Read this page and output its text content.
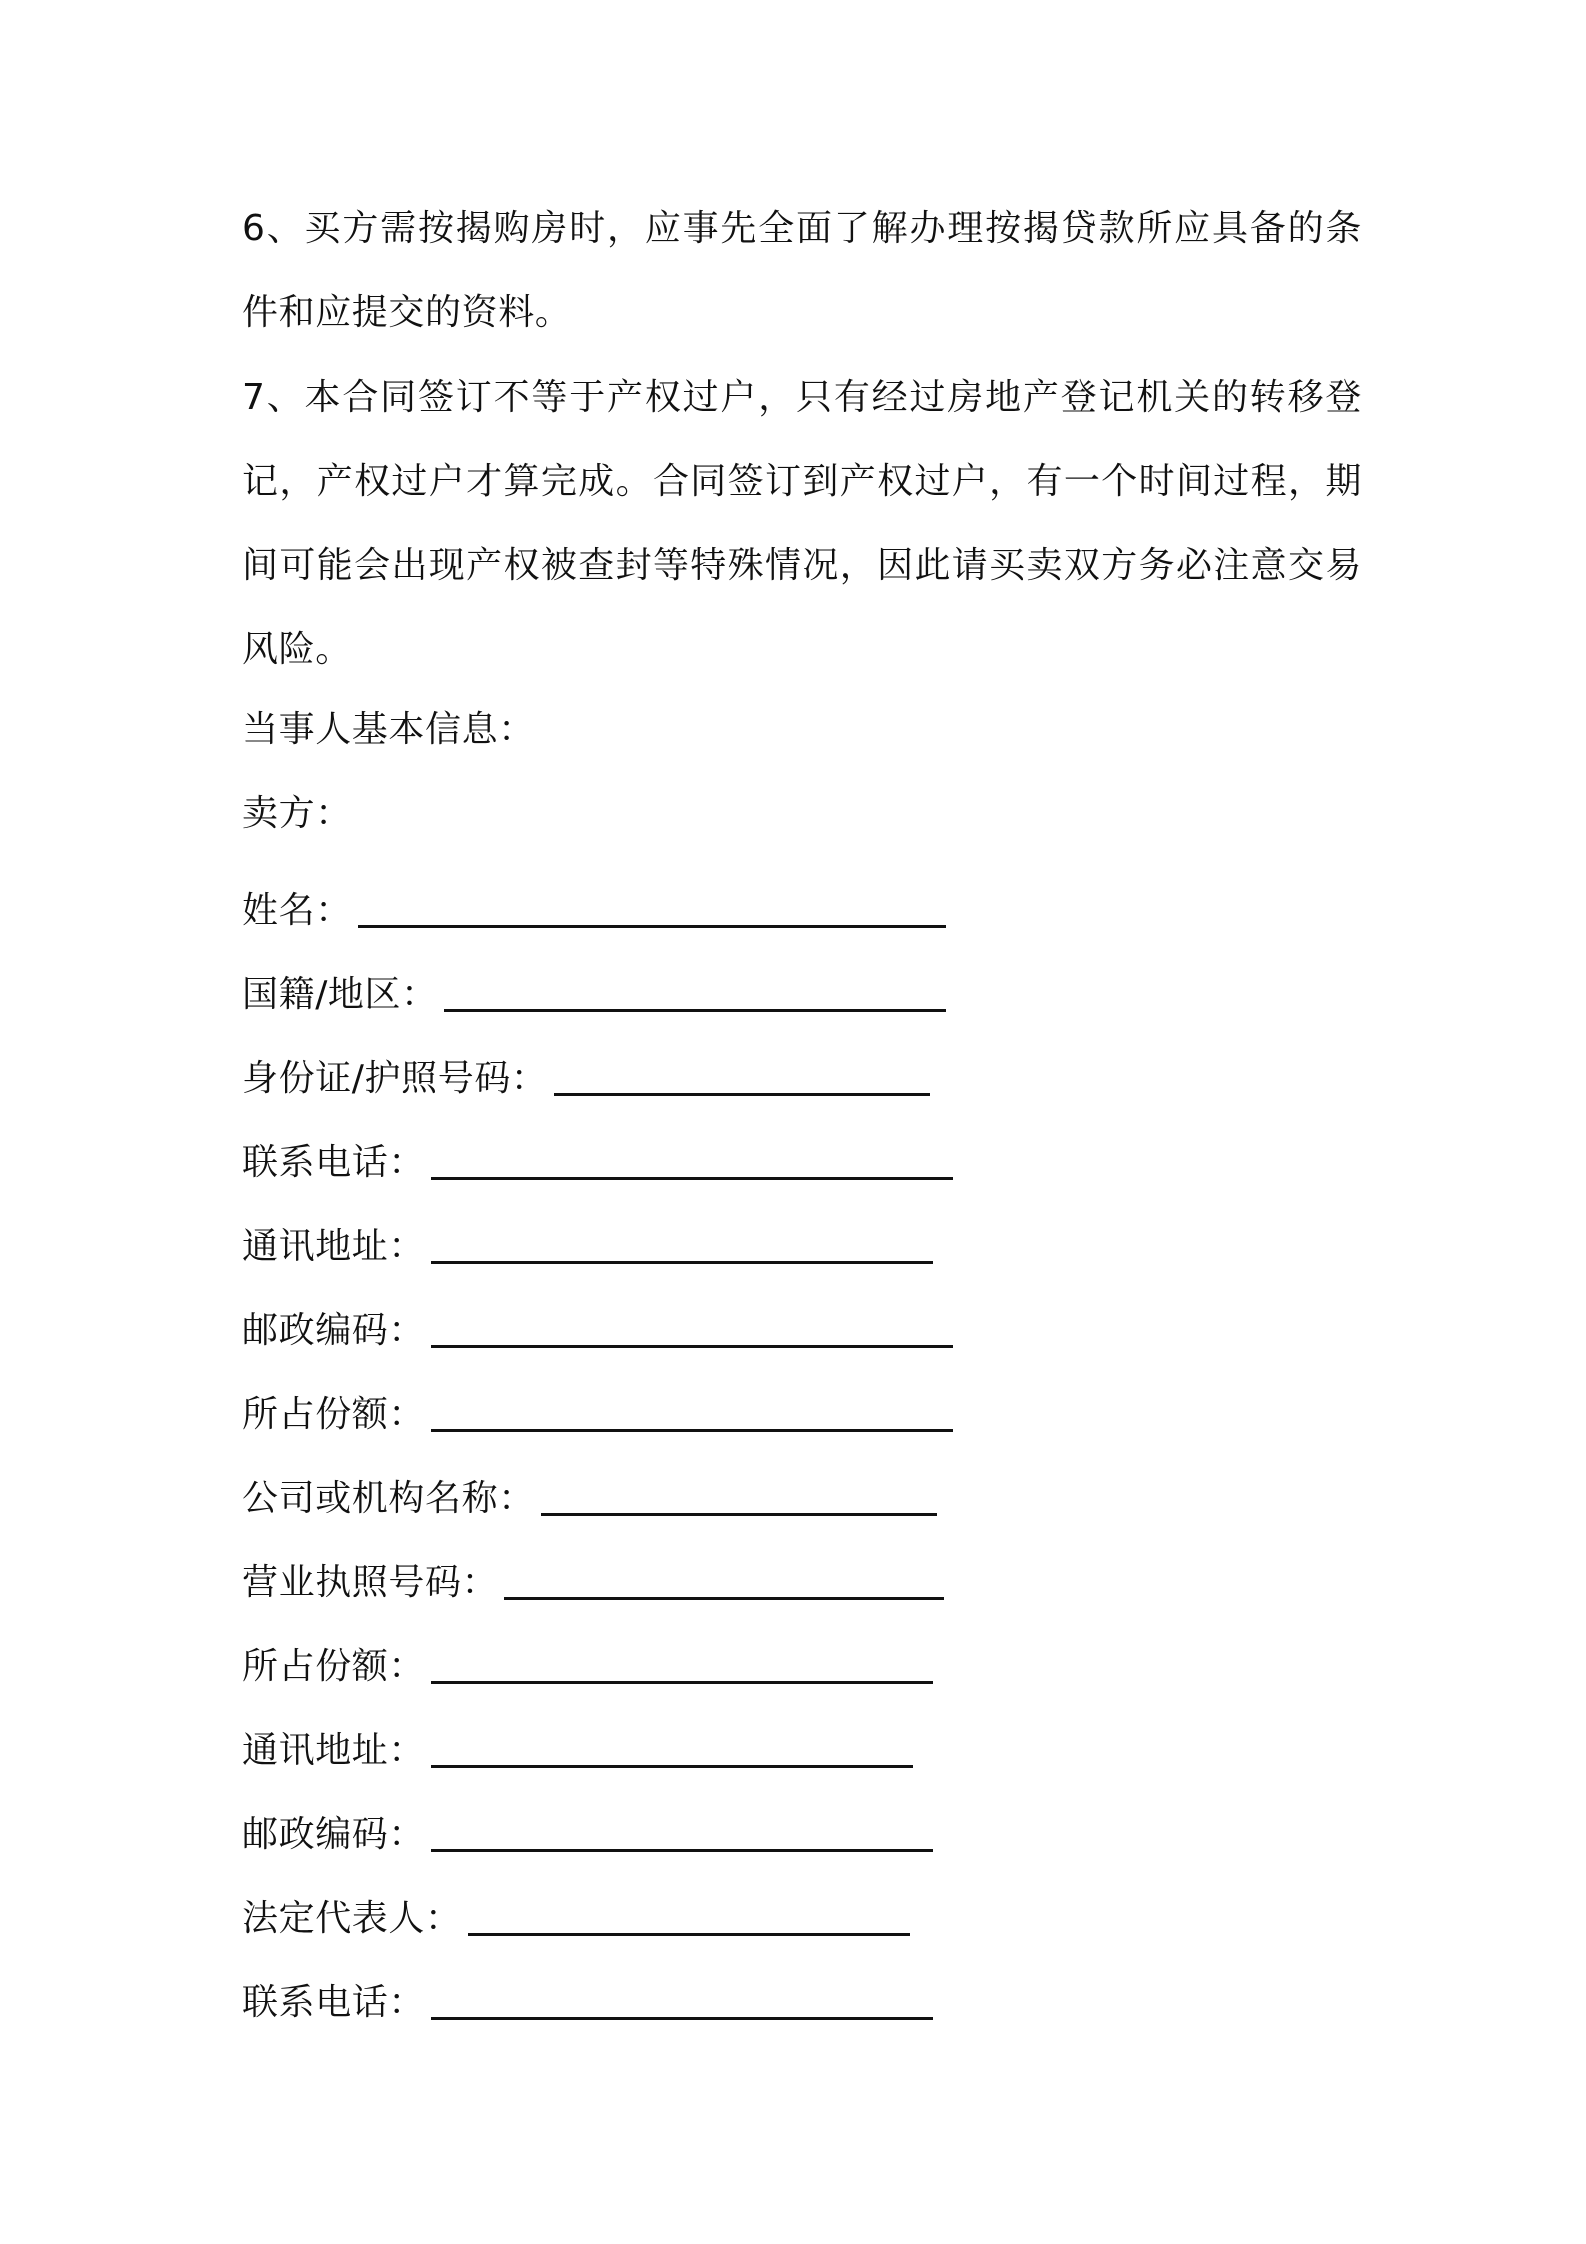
6、买方需按揭购房时，应事先全面了解办理按揭贷款所应具备的条件和应提交的资料。

7、本合同签订不等于产权过户，只有经过房地产登记机关的转移登记，产权过户才算完成。合同签订到产权过户，有一个时间过程，期间可能会出现产权被查封等特殊情况，因此请买卖双方务必注意交易风险。

当事人基本信息：

卖方：

姓名：
国籍/地区：
身份证/护照号码：
联系电话：
通讯地址：
邮政编码：
所占份额：
公司或机构名称：
营业执照号码：
所占份额：
通讯地址：
邮政编码：
法定代表人：
联系电话：
